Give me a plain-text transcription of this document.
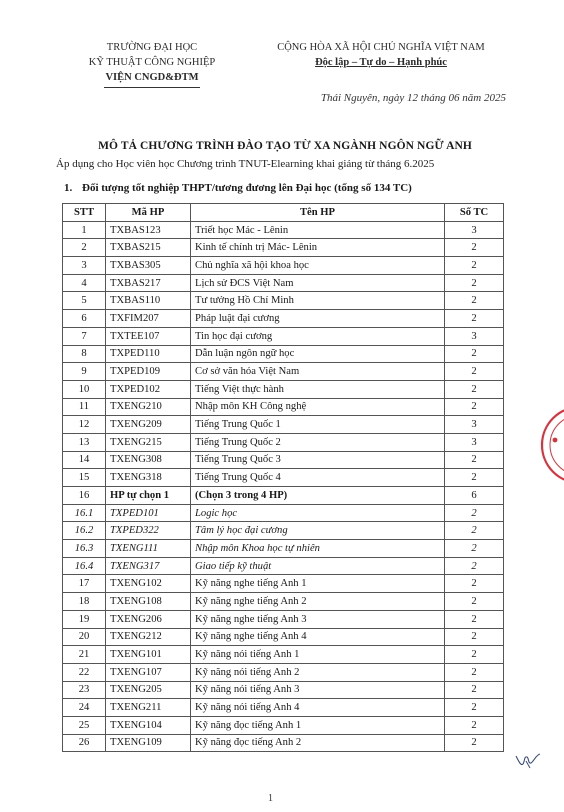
TRƯỜNG ĐẠI HỌC
KỸ THUẬT CÔNG NGHIỆP
VIỆN CNGD&ĐTM
CỘNG HÒA XÃ HỘI CHỦ NGHĨA VIỆT NAM
Độc lập – Tự do – Hạnh phúc
Thái Nguyên, ngày 12 tháng 06 năm 2025
MÔ TẢ CHƯƠNG TRÌNH ĐÀO TẠO TỪ XA NGÀNH NGÔN NGỮ ANH
Áp dụng cho Học viên học Chương trình TNUT-Elearning khai giảng từ tháng 6.2025
1. Đối tượng tốt nghiệp THPT/tương đương lên Đại học (tổng số 134 TC)
STT	Mã HP	Tên HP	Số TC
1	TXBAS123	Triết học Mác - Lênin	3
2	TXBAS215	Kinh tế chính trị Mác- Lênin	2
3	TXBAS305	Chủ nghĩa xã hội khoa học	2
4	TXBAS217	Lịch sử ĐCS Việt Nam	2
5	TXBAS110	Tư tưởng Hồ Chí Minh	2
6	TXFIM207	Pháp luật đại cương	2
7	TXTEE107	Tin học đại cương	3
8	TXPED110	Dẫn luận ngôn ngữ học	2
9	TXPED109	Cơ sở văn hóa Việt Nam	2
10	TXPED102	Tiếng Việt thực hành	2
11	TXENG210	Nhập môn KH Công nghệ	2
12	TXENG209	Tiếng Trung Quốc 1	3
13	TXENG215	Tiếng Trung Quốc 2	3
14	TXENG308	Tiếng Trung Quốc 3	2
15	TXENG318	Tiếng Trung Quốc 4	2
16	HP tự chọn 1	(Chọn 3 trong 4 HP)	6
16.1	TXPED101	Logic học	2
16.2	TXPED322	Tâm lý học đại cương	2
16.3	TXENG111	Nhập môn Khoa học tự nhiên	2
16.4	TXENG317	Giao tiếp kỹ thuật	2
17	TXENG102	Kỹ năng nghe tiếng Anh 1	2
18	TXENG108	Kỹ năng nghe tiếng Anh 2	2
19	TXENG206	Kỹ năng nghe tiếng Anh 3	2
20	TXENG212	Kỹ năng nghe tiếng Anh 4	2
21	TXENG101	Kỹ năng nói tiếng Anh 1	2
22	TXENG107	Kỹ năng nói tiếng Anh 2	2
23	TXENG205	Kỹ năng nói tiếng Anh 3	2
24	TXENG211	Kỹ năng nói tiếng Anh 4	2
25	TXENG104	Kỹ năng đọc tiếng Anh 1	2
26	TXENG109	Kỹ năng đọc tiếng Anh 2	2
1
